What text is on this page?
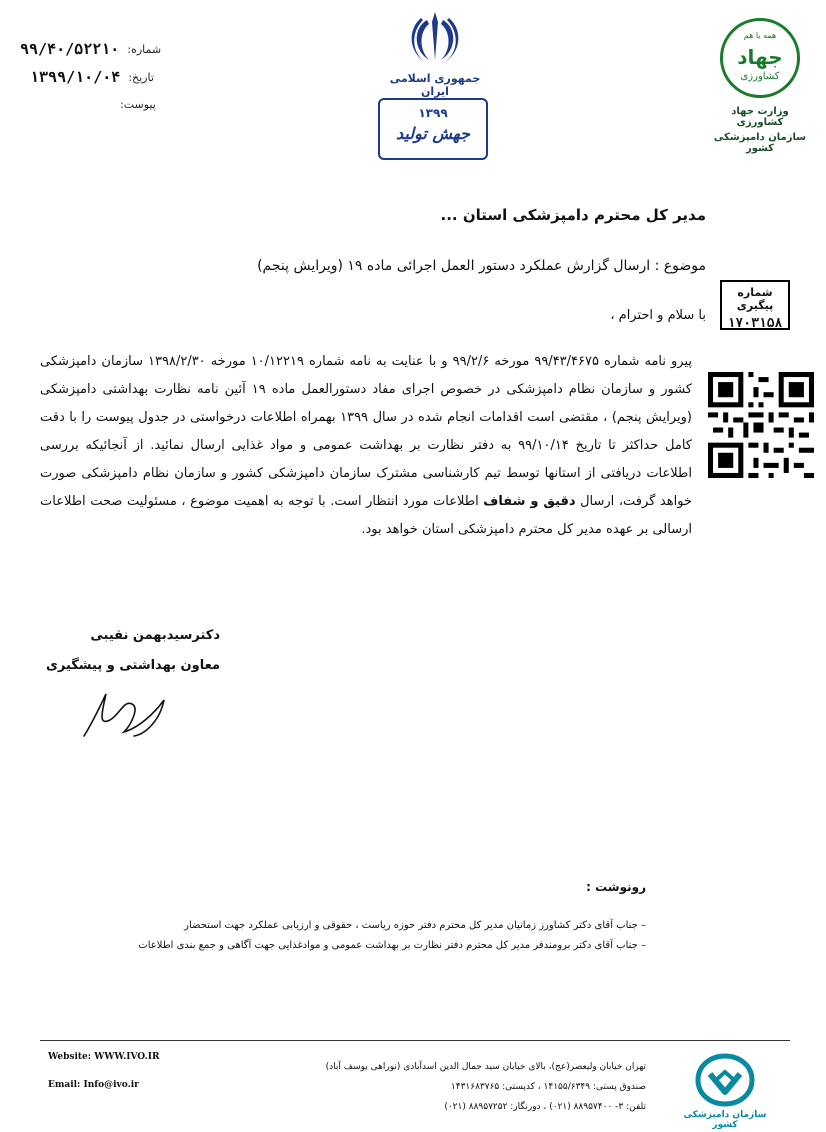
۹۹/۴۰/۵۲۲۱۰ شماره:
۱۳۹۹/۱۰/۰۴ تاریخ:
پیوست:
جمهوری اسلامی ایران
۱۳۹۹
جهش تولید
همه با هم
جهاد
کشاورزی
وزارت جهاد کشاورزی
سازمان دامپزشکی کشور
مدیر کل محترم دامپزشکی استان ...
موضوع : ارسال گزارش عملکرد دستور العمل اجرائی ماده ۱۹ (ویرایش پنجم)
با سلام و احترام ،
شماره پیگیری
۱۷۰۳۱۵۸
پیرو نامه شماره ۹۹/۴۳/۴۶۷۵ مورخه ۹۹/۲/۶ و با عنایت به نامه شماره ۱۰/۱۲۲۱۹ مورخه ۱۳۹۸/۲/۳۰ سازمان دامپزشکی کشور و سازمان نظام دامپزشکی در خصوص اجرای مفاد دستورالعمل ماده ۱۹ آئین نامه نظارت بهداشتی دامپزشکی (ویرایش پنجم) ، مقتضی است اقدامات انجام شده در سال ۱۳۹۹ بهمراه اطلاعات درخواستی در جدول پیوست را با دقت کامل حداکثر تا تاریخ ۹۹/۱۰/۱۴ به دفتر نظارت بر بهداشت عمومی و مواد غذایی ارسال نمائید. از آنجائیکه بررسی اطلاعات دریافتی از استانها توسط تیم کارشناسی مشترک سازمان دامپزشکی کشور و سازمان نظام دامپزشکی صورت خواهد گرفت، ارسال دقیق و شفاف اطلاعات مورد انتظار است. با توجه به اهمیت موضوع ، مسئولیت صحت اطلاعات ارسالی بر عهده مدیر کل محترم دامپزشکی استان خواهد بود.
دکترسیدبهمن نقیبی
معاون بهداشتی و پیشگیری
رونوشت :
– جناب آقای دکتر کشاورز زمانیان مدیر کل محترم دفتر حوزه ریاست ، حقوقی و ارزیابی عملکرد جهت استحضار
– جناب آقای دکتر برومندفر مدیر کل محترم دفتر نظارت بر بهداشت عمومی و موادغذایی جهت آگاهی و جمع بندی اطلاعات
Website: WWW.IVO.IR
Email: Info@ivo.ir
تهران خیابان ولیعصر(عج)، بالای خیابان سید جمال الدین اسدآبادی (نوراهی یوسف آباد)
صندوق پستی: ۱۴۱۵۵/۶۳۴۹ ، کدپستی: ۱۴۳۱۶۸۳۷۶۵
تلفن: ۳- ۸۸۹۵۷۴۰۰ (۰۲۱) ، دورنگار: ۸۸۹۵۷۲۵۲ (۰۲۱)
سازمان دامپزشکی کشور
